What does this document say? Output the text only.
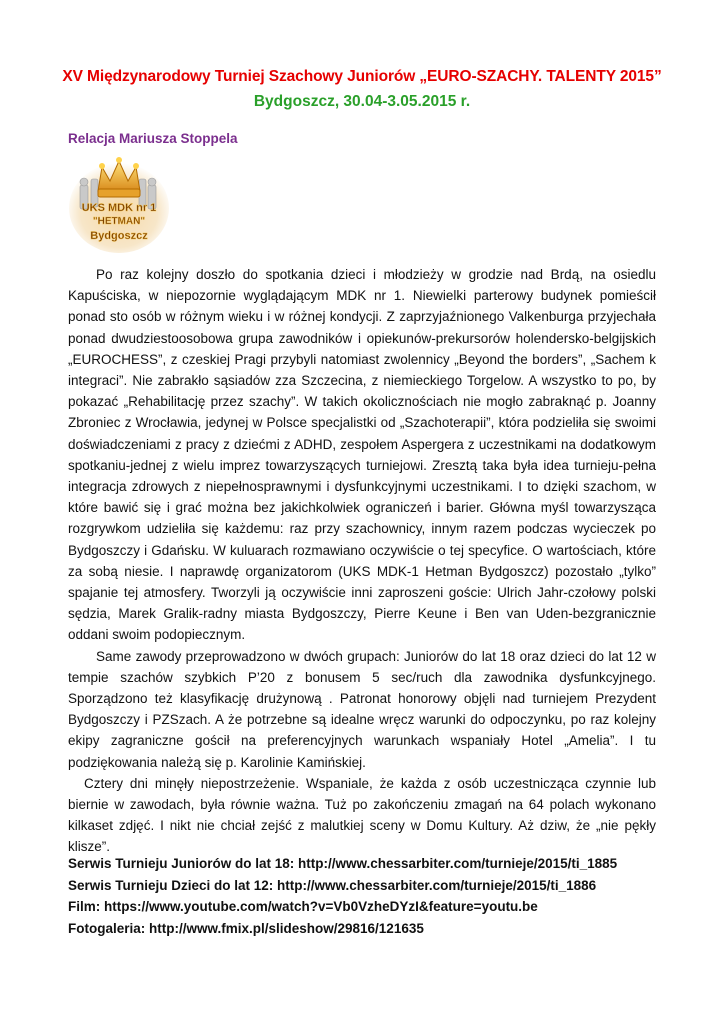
XV Międzynarodowy Turniej Szachowy Juniorów „EURO-SZACHY. TALENTY 2015”
Bydgoszcz, 30.04-3.05.2015 r.
Relacja Mariusza Stoppela
UKS MDK nr 1
"HETMAN"
Bydgoszcz

Po raz kolejny doszło do spotkania dzieci i młodzieży w grodzie nad Brdą, na osiedlu Kapuściska, w niepozornie wyglądającym MDK nr 1. Niewielki parterowy budynek pomieścił ponad sto osób w różnym wieku i w różnej kondycji. Z zaprzyjaźnionego Valkenburga przyjechała ponad dwudziestoosobowa grupa zawodników i opiekunów-prekursorów holendersko-belgijskich „EUROCHESS”, z czeskiej Pragi przybyli natomiast zwolennicy „Beyond the borders”, „Sachem k integraci”. Nie zabrakło sąsiadów zza Szczecina, z niemieckiego Torgelow. A wszystko to po, by pokazać „Rehabilitację przez szachy”. W takich okolicznościach nie mogło zabraknąć p. Joanny Zbroniec z Wrocławia, jedynej w Polsce specjalistki od „Szachoterapii”, która podzieliła się swoimi doświadczeniami z pracy z dziećmi z ADHD, zespołem Aspergera z uczestnikami na dodatkowym spotkaniu-jednej z wielu imprez towarzyszących turniejowi. Zresztą taka była idea turnieju-pełna integracja zdrowych z niepełnosprawnymi i dysfunkcyjnymi uczestnikami. I to dzięki szachom, w które bawić się i grać można bez jakichkolwiek ograniczeń i barier. Główna myśl towarzysząca rozgrywkom udzieliła się każdemu: raz przy szachownicy, innym razem podczas wycieczek po Bydgoszczy i Gdańsku. W kuluarach rozmawiano oczywiście o tej specyfice. O wartościach, które za sobą niesie. I naprawdę organizatorom (UKS MDK-1 Hetman Bydgoszcz) pozostało „tylko” spajanie tej atmosfery. Tworzyli ją oczywiście inni zaproszeni goście: Ulrich Jahr-czołowy polski sędzia, Marek Gralik-radny miasta Bydgoszczy, Pierre Keune i Ben van Uden-bezgranicznie oddani swoim podopiecznym.

Same zawody przeprowadzono w dwóch grupach: Juniorów do lat 18 oraz dzieci do lat 12 w tempie szachów szybkich P’20 z bonusem 5 sec/ruch dla zawodnika dysfunkcyjnego. Sporządzono też klasyfikację drużynową . Patronat honorowy objęli nad turniejem Prezydent Bydgoszczy i PZSzach. A że potrzebne są idealne wręcz warunki do odpoczynku, po raz kolejny ekipy zagraniczne gościł na preferencyjnych warunkach wspaniały Hotel „Amelia”. I tu podziękowania należą się p. Karolinie Kamińskiej.

Cztery dni minęły niepostrzeżenie. Wspaniale, że każda z osób uczestnicząca czynnie lub biernie w zawodach, była równie ważna. Tuż po zakończeniu zmagań na 64 polach wykonano kilkaset zdjęć. I nikt nie chciał zejść z malutkiej sceny w Domu Kultury. Aż dziw, że „nie pękły klisze”.

Serwis Turnieju Juniorów do lat 18: http://www.chessarbiter.com/turnieje/2015/ti_1885
Serwis Turnieju Dzieci do lat 12: http://www.chessarbiter.com/turnieje/2015/ti_1886
Film: https://www.youtube.com/watch?v=Vb0VzheDYzI&feature=youtu.be
Fotogaleria: http://www.fmix.pl/slideshow/29816/121635
